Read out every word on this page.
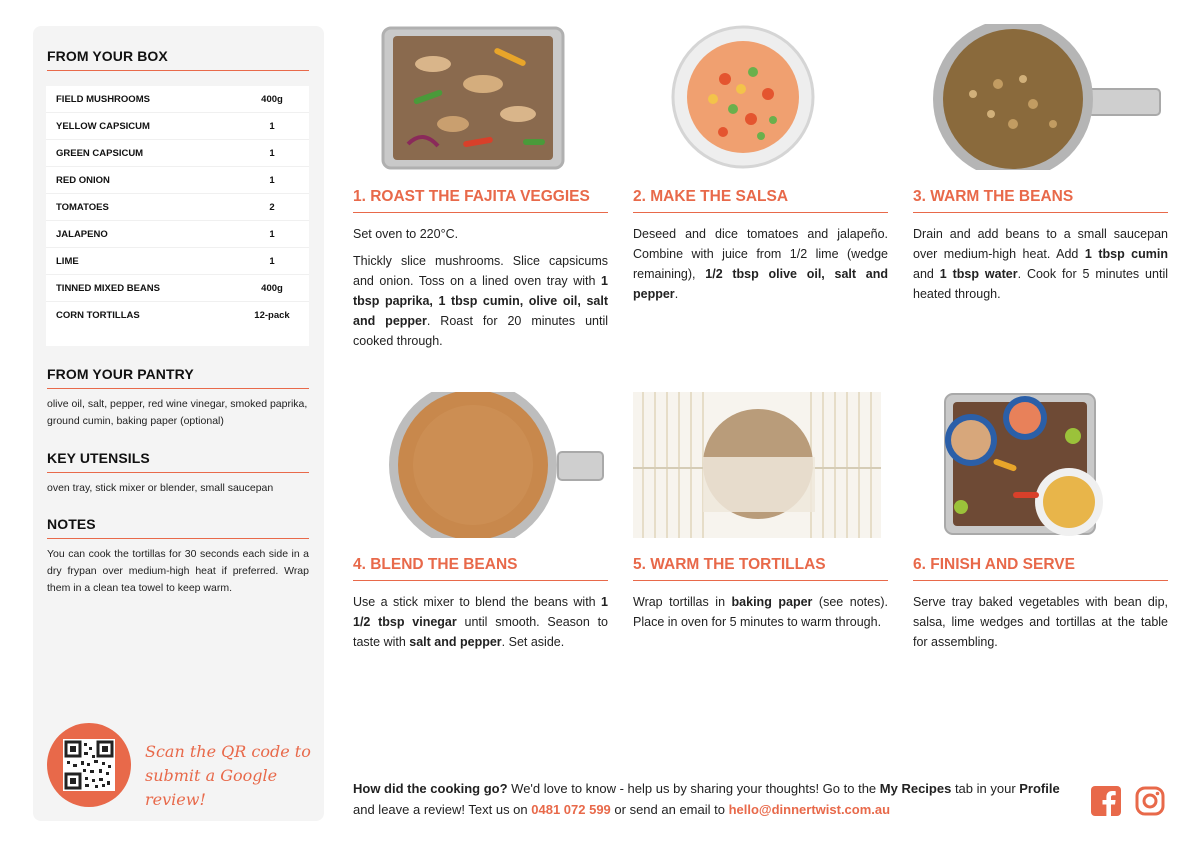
FROM YOUR BOX
FIELD MUSHROOMS	400g
YELLOW CAPSICUM	1
GREEN CAPSICUM	1
RED ONION	1
TOMATOES	2
JALAPENO	1
LIME	1
TINNED MIXED BEANS	400g
CORN TORTILLAS	12-pack
FROM YOUR PANTRY
olive oil, salt, pepper, red wine vinegar, smoked paprika, ground cumin, baking paper (optional)
KEY UTENSILS
oven tray, stick mixer or blender, small saucepan
NOTES
You can cook the tortillas for 30 seconds each side in a dry frypan over medium-high heat if preferred. Wrap them in a clean tea towel to keep warm.
Scan the QR code to
submit a Google review!
1. ROAST THE FAJITA VEGGIES

Set oven to 220°C.

Thickly slice mushrooms. Slice capsicums and onion. Toss on a lined oven tray with 1 tbsp paprika, 1 tbsp cumin, olive oil, salt and pepper. Roast for 20 minutes until cooked through.

2. MAKE THE SALSA

Deseed and dice tomatoes and jalapeño. Combine with juice from 1/2 lime (wedge remaining), 1/2 tbsp olive oil, salt and pepper.

3. WARM THE BEANS

Drain and add beans to a small saucepan over medium-high heat. Add 1 tbsp cumin and 1 tbsp water. Cook for 5 minutes until heated through.

4. BLEND THE BEANS

Use a stick mixer to blend the beans with 1 1/2 tbsp vinegar until smooth. Season to taste with salt and pepper. Set aside.

5. WARM THE TORTILLAS

Wrap tortillas in baking paper (see notes). Place in oven for 5 minutes to warm through.

6. FINISH AND SERVE

Serve tray baked vegetables with bean dip, salsa, lime wedges and tortillas at the table for assembling.

How did the cooking go? We'd love to know - help us by sharing your thoughts! Go to the My Recipes tab in your Profile and leave a review! Text us on 0481 072 599 or send an email to hello@dinnertwist.com.au
